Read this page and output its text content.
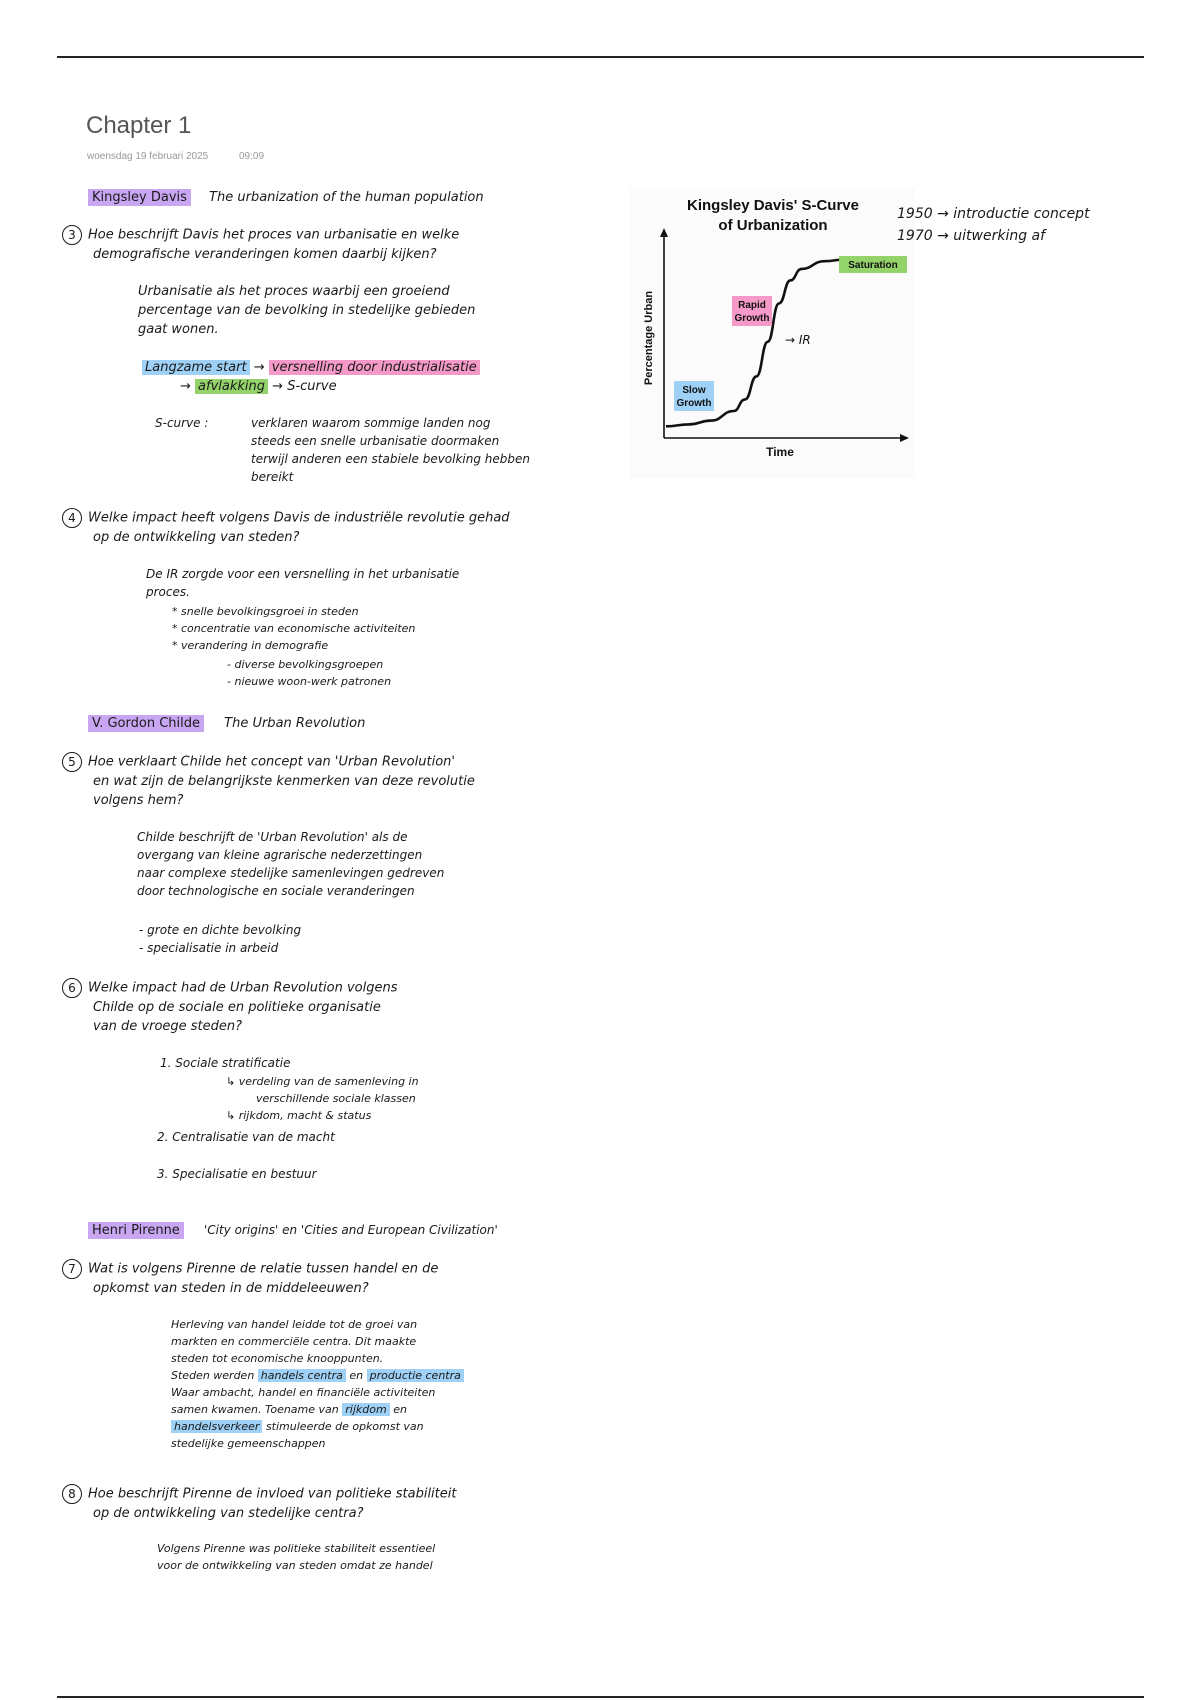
Chapter 1
woensdag 19 februari 2025	09:09
Kingsley Davis The urbanization of the human population
3 Hoe beschrijft Davis het proces van urbanisatie en welke
demografische veranderingen komen daarbij kijken?
Urbanisatie als het proces waarbij een groeiend
percentage van de bevolking in stedelijke gebieden
gaat wonen.
Langzame start → versnelling door industrialisatie
→ afvlakking → S-curve
S-curve :	verklaren waarom sommige landen nog
steeds een snelle urbanisatie doormaken
terwijl anderen een stabiele bevolking hebben
bereikt
4 Welke impact heeft volgens Davis de industriële revolutie gehad
op de ontwikkeling van steden?
De IR zorgde voor een versnelling in het urbanisatie
proces.
* snelle bevolkingsgroei in steden
* concentratie van economische activiteiten
* verandering in demografie
- diverse bevolkingsgroepen
- nieuwe woon-werk patronen
V. Gordon Childe The Urban Revolution
5 Hoe verklaart Childe het concept van 'Urban Revolution'
en wat zijn de belangrijkste kenmerken van deze revolutie
volgens hem?
Childe beschrijft de 'Urban Revolution' als de
overgang van kleine agrarische nederzettingen
naar complexe stedelijke samenlevingen gedreven
door technologische en sociale veranderingen
- grote en dichte bevolking
- specialisatie in arbeid
6 Welke impact had de Urban Revolution volgens
Childe op de sociale en politieke organisatie
van de vroege steden?
1. Sociale stratificatie
↳ verdeling van de samenleving in
verschillende sociale klassen
↳ rijkdom, macht & status
2. Centralisatie van de macht
3. Specialisatie en bestuur
Henri Pirenne 'City origins' en 'Cities and European Civilization'
7 Wat is volgens Pirenne de relatie tussen handel en de
opkomst van steden in de middeleeuwen?
Herleving van handel leidde tot de groei van
markten en commerciële centra. Dit maakte
steden tot economische knooppunten.
Steden werden handels centra en productie centra
Waar ambacht, handel en financiële activiteiten
samen kwamen. Toename van rijkdom en
handelsverkeer stimuleerde de opkomst van
stedelijke gemeenschappen
8 Hoe beschrijft Pirenne de invloed van politieke stabiliteit
op de ontwikkeling van stedelijke centra?
Volgens Pirenne was politieke stabiliteit essentieel
voor de ontwikkeling van steden omdat ze handel
Kingsley Davis' S-Curve
of Urbanization
Time
Percentage Urban
Slow
Growth
Rapid
Growth
Saturation
→ IR
1950 → introductie concept
1970 → uitwerking af
